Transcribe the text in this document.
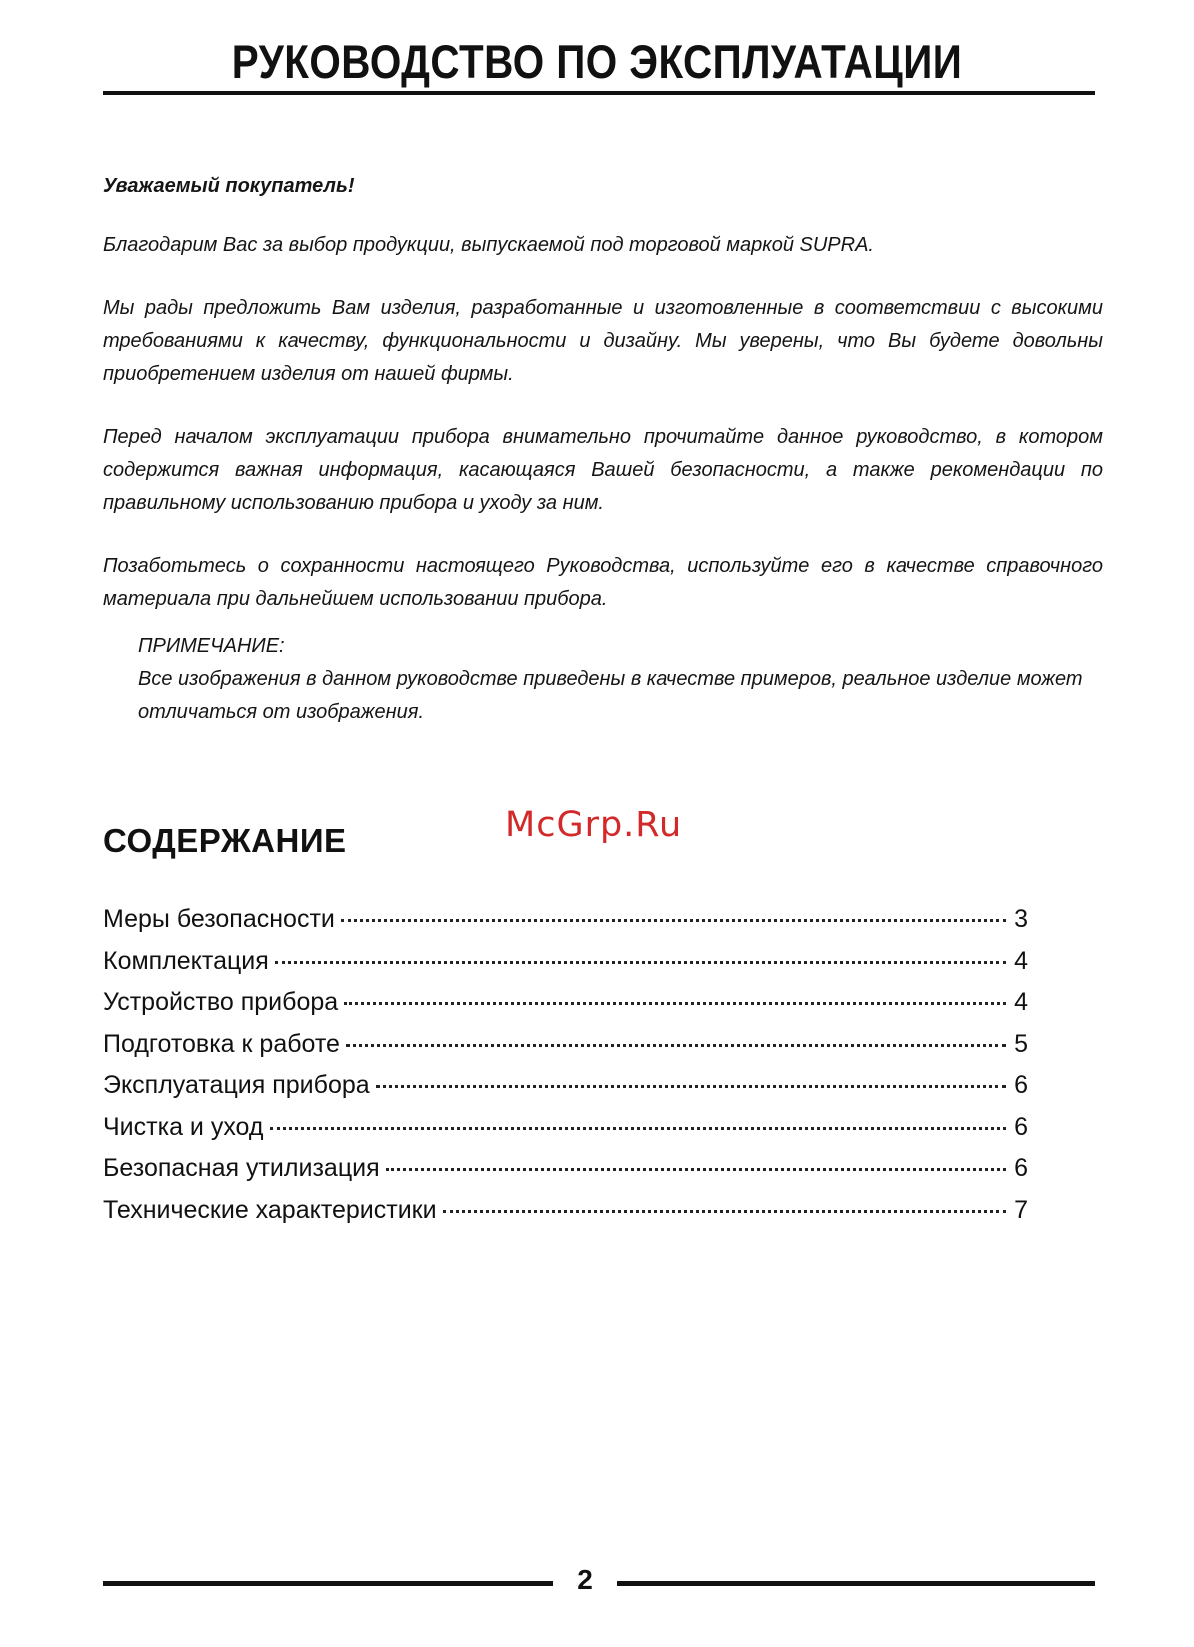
РУКОВОДСТВО ПО ЭКСПЛУАТАЦИИ
Уважаемый покупатель!

Благодарим Вас за выбор продукции, выпускаемой под торговой маркой SUPRA.

Мы рады предложить Вам изделия, разработанные и изготовленные в соответствии с высокими требованиями к качеству, функциональности и дизайну. Мы уверены, что Вы будете довольны приобретением изделия от нашей фирмы.

Перед началом эксплуатации прибора внимательно прочитайте данное руководство, в котором содержится важная информация, касающаяся Вашей безопасности, а также рекомендации по правильному использованию прибора и уходу за ним.

Позаботьтесь о сохранности настоящего Руководства, используйте его в качестве справочного материала при дальнейшем использовании прибора.

ПРИМЕЧАНИЕ:

Все изображения в данном руководстве приведены в качестве примеров, реальное изделие может отличаться от изображения.

McGrp.Ru
СОДЕРЖАНИЕ
Меры безопасности	3
Комплектация	4
Устройство прибора	4
Подготовка к работе	5
Эксплуатация прибора	6
Чистка и уход	6
Безопасная утилизация	6
Технические характеристики	7
2
